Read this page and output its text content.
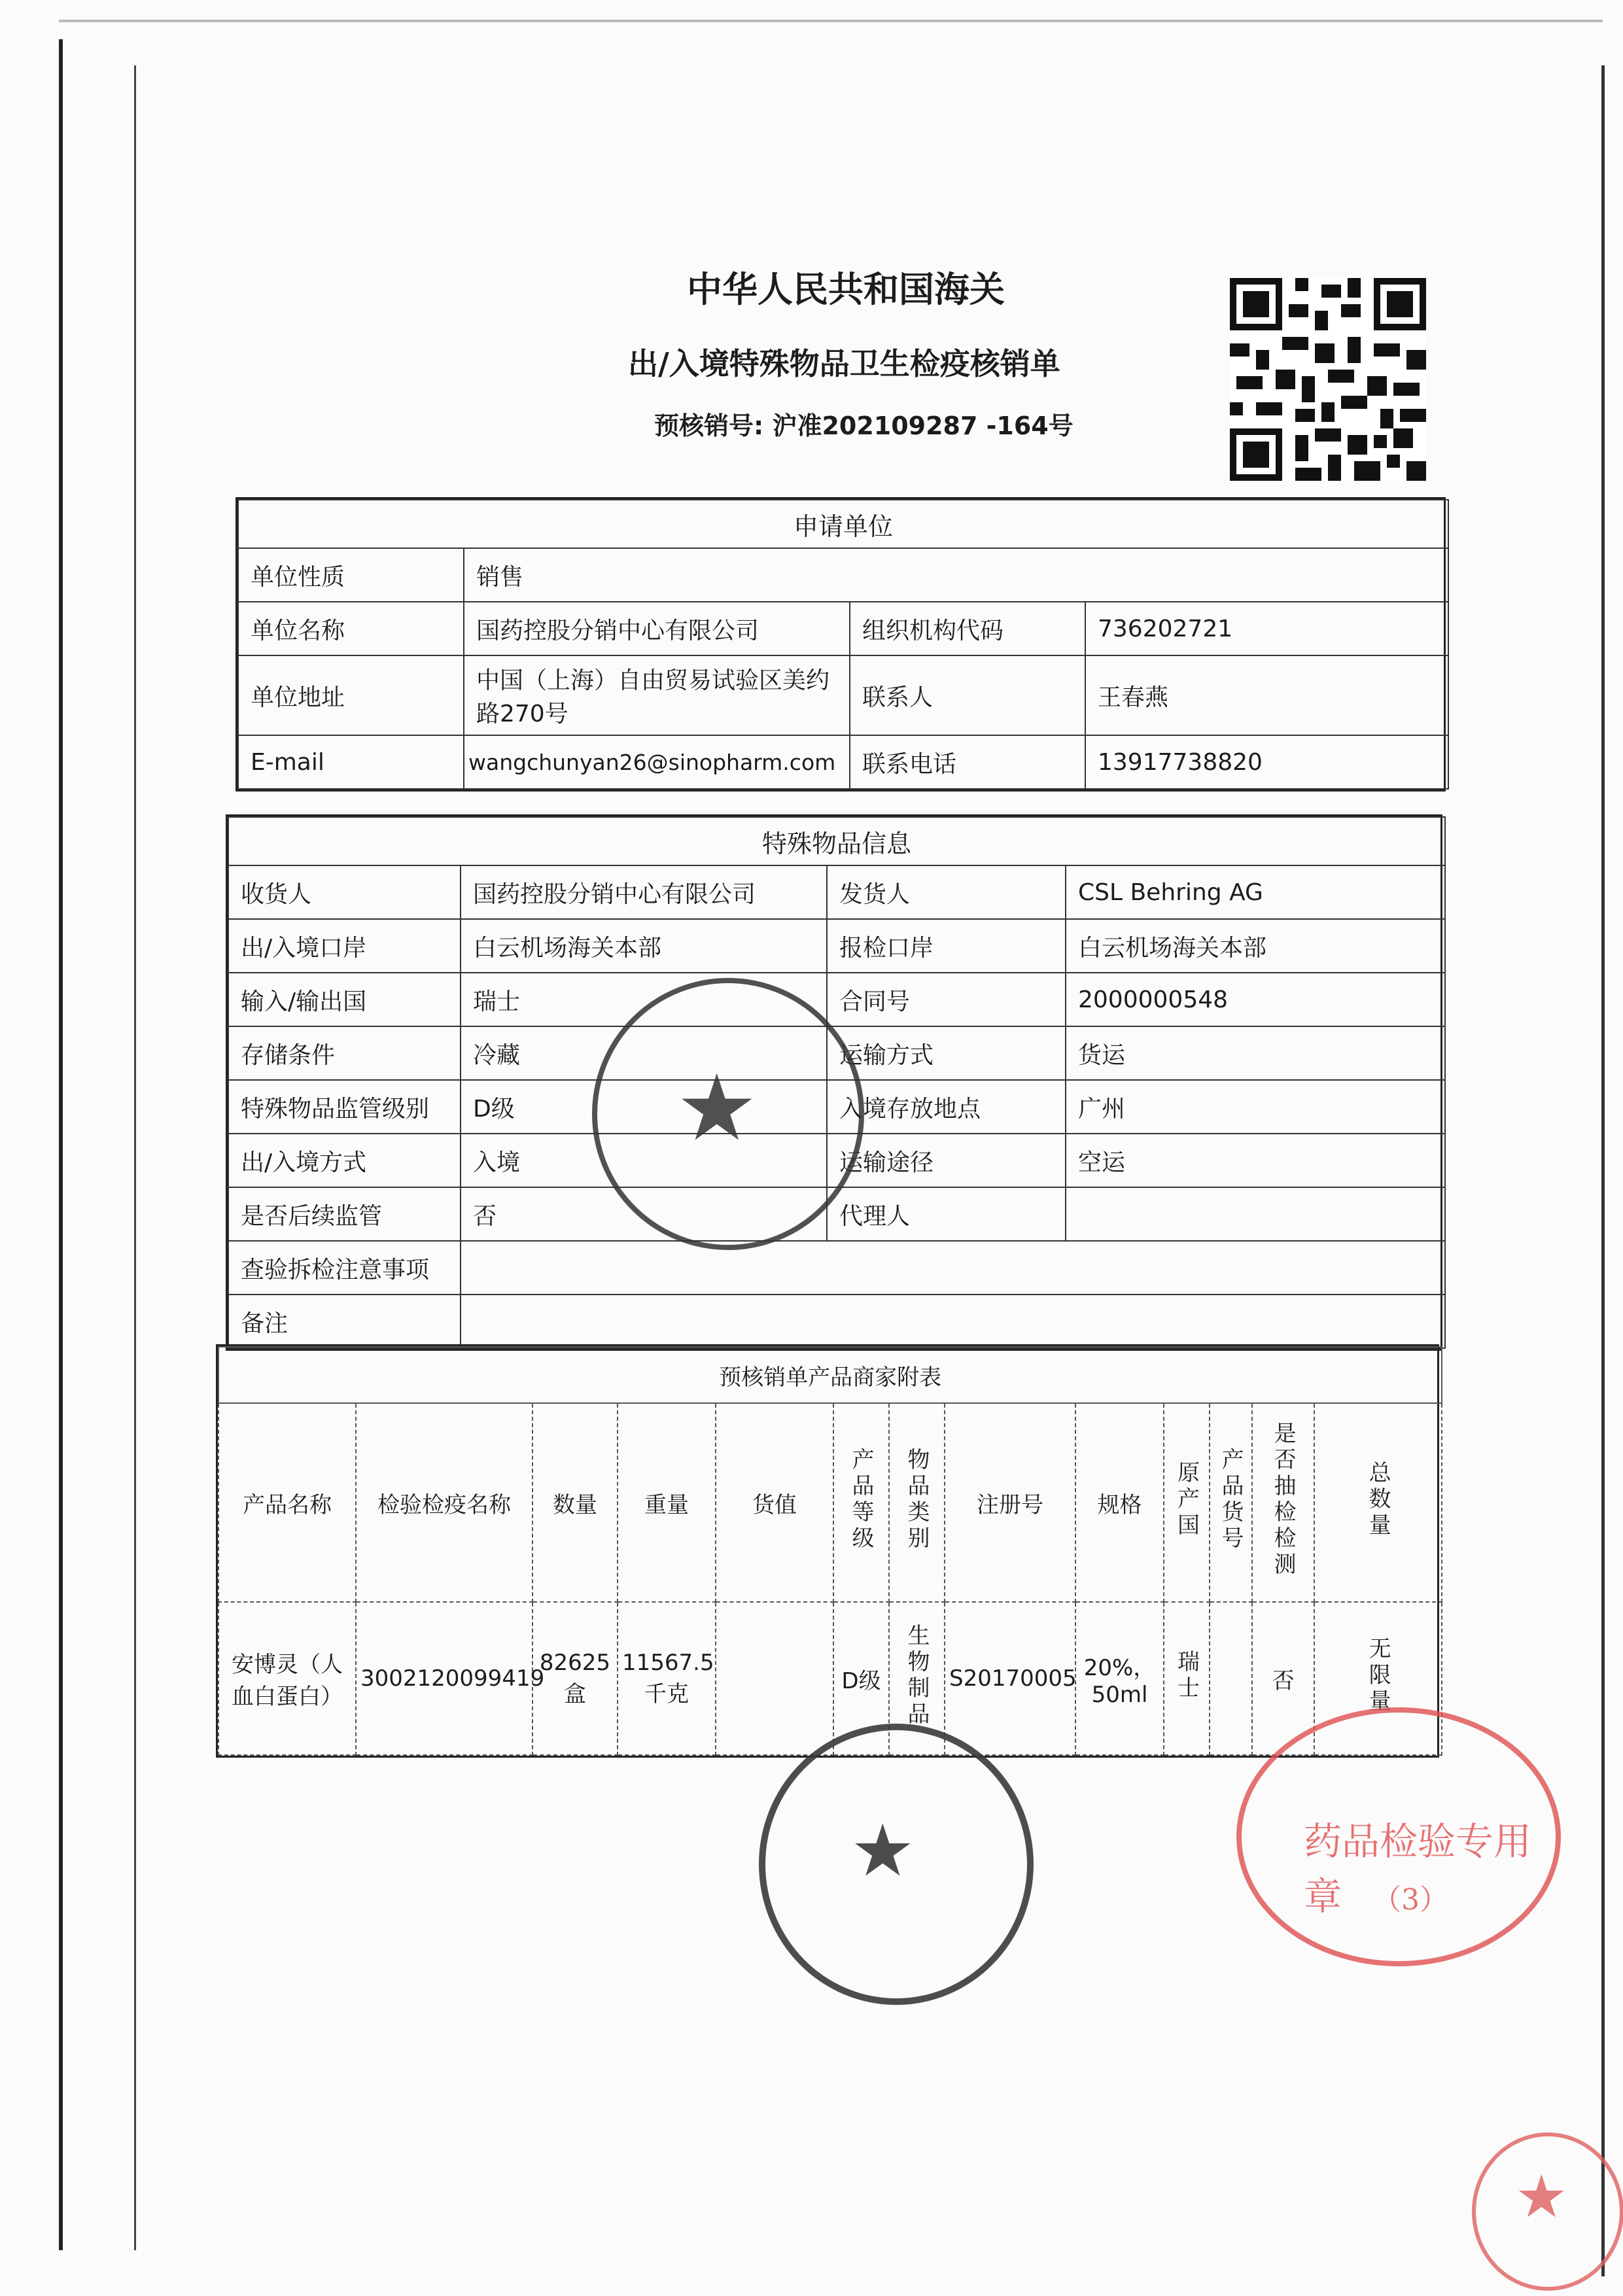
中华人民共和国海关
出/入境特殊物品卫生检疫核销单
预核销号: 沪准202109287 -164号
申请单位			
单位性质	销售		
单位名称	国药控股分销中心有限公司	组织机构代码	736202721
单位地址	中国（上海）自由贸易试验区美约路270号	联系人	王春燕
E-mail	wangchunyan26@sinopharm.com	联系电话	13917738820
特殊物品信息			
收货人	国药控股分销中心有限公司	发货人	CSL Behring AG
出/入境口岸	白云机场海关本部	报检口岸	白云机场海关本部
输入/输出国	瑞士	合同号	2000000548
存储条件	冷藏	运输方式	货运
特殊物品监管级别	D级	入境存放地点	广州
出/入境方式	入境	运输途径	空运
是否后续监管	否	代理人	
查验拆检注意事项			
备注			
预核销单产品商家附表												
产品名称	检验检疫名称	数量	重量	货值	产品等级	物品类别	注册号	规格	原产国	产品货号	是否抽检检测	总数量
安博灵（人血白蛋白）	3002120099419	82625盒	11567.5千克		D级	生物制品	S20170005	20%，50ml	瑞士		否	无限量
★
★	药品检验专用章	（3）
★
